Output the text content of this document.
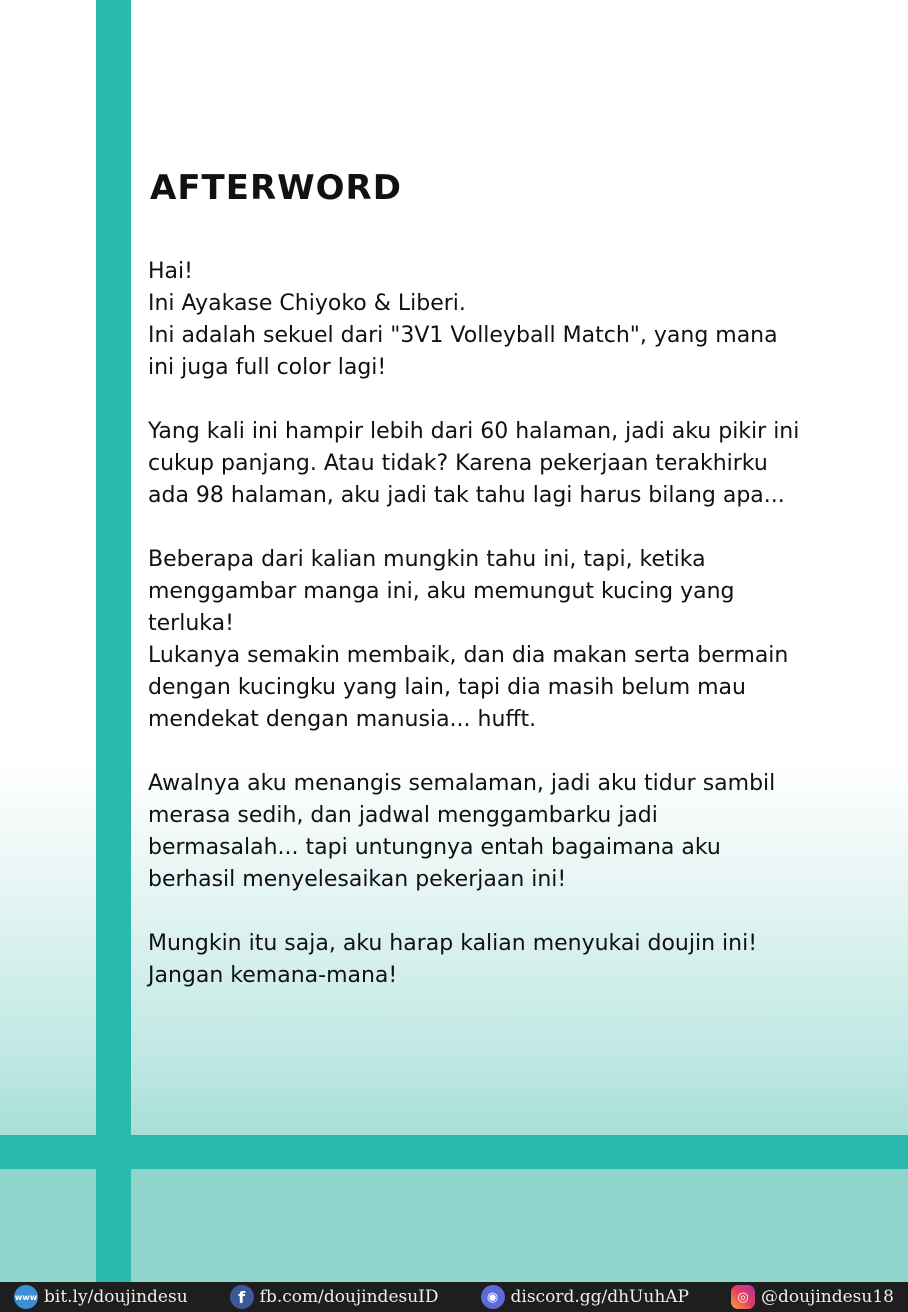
AFTERWORD

Hai!
Ini Ayakase Chiyoko & Liberi.
Ini adalah sekuel dari "3V1 Volleyball Match", yang mana
ini juga full color lagi!

Yang kali ini hampir lebih dari 60 halaman, jadi aku pikir ini
cukup panjang. Atau tidak? Karena pekerjaan terakhirku
ada 98 halaman, aku jadi tak tahu lagi harus bilang apa...

Beberapa dari kalian mungkin tahu ini, tapi, ketika
menggambar manga ini, aku memungut kucing yang
terluka!
Lukanya semakin membaik, dan dia makan serta bermain
dengan kucingku yang lain, tapi dia masih belum mau
mendekat dengan manusia... hufft.

Awalnya aku menangis semalaman, jadi aku tidur sambil
merasa sedih, dan jadwal menggambarku jadi
bermasalah... tapi untungnya entah bagaimana aku
berhasil menyelesaikan pekerjaan ini!

Mungkin itu saja, aku harap kalian menyukai doujin ini!
Jangan kemana-mana!

www bit.ly/doujindesu	f fb.com/doujindesuID	◉ discord.gg/dhUuhAP	◎ @doujindesu18
